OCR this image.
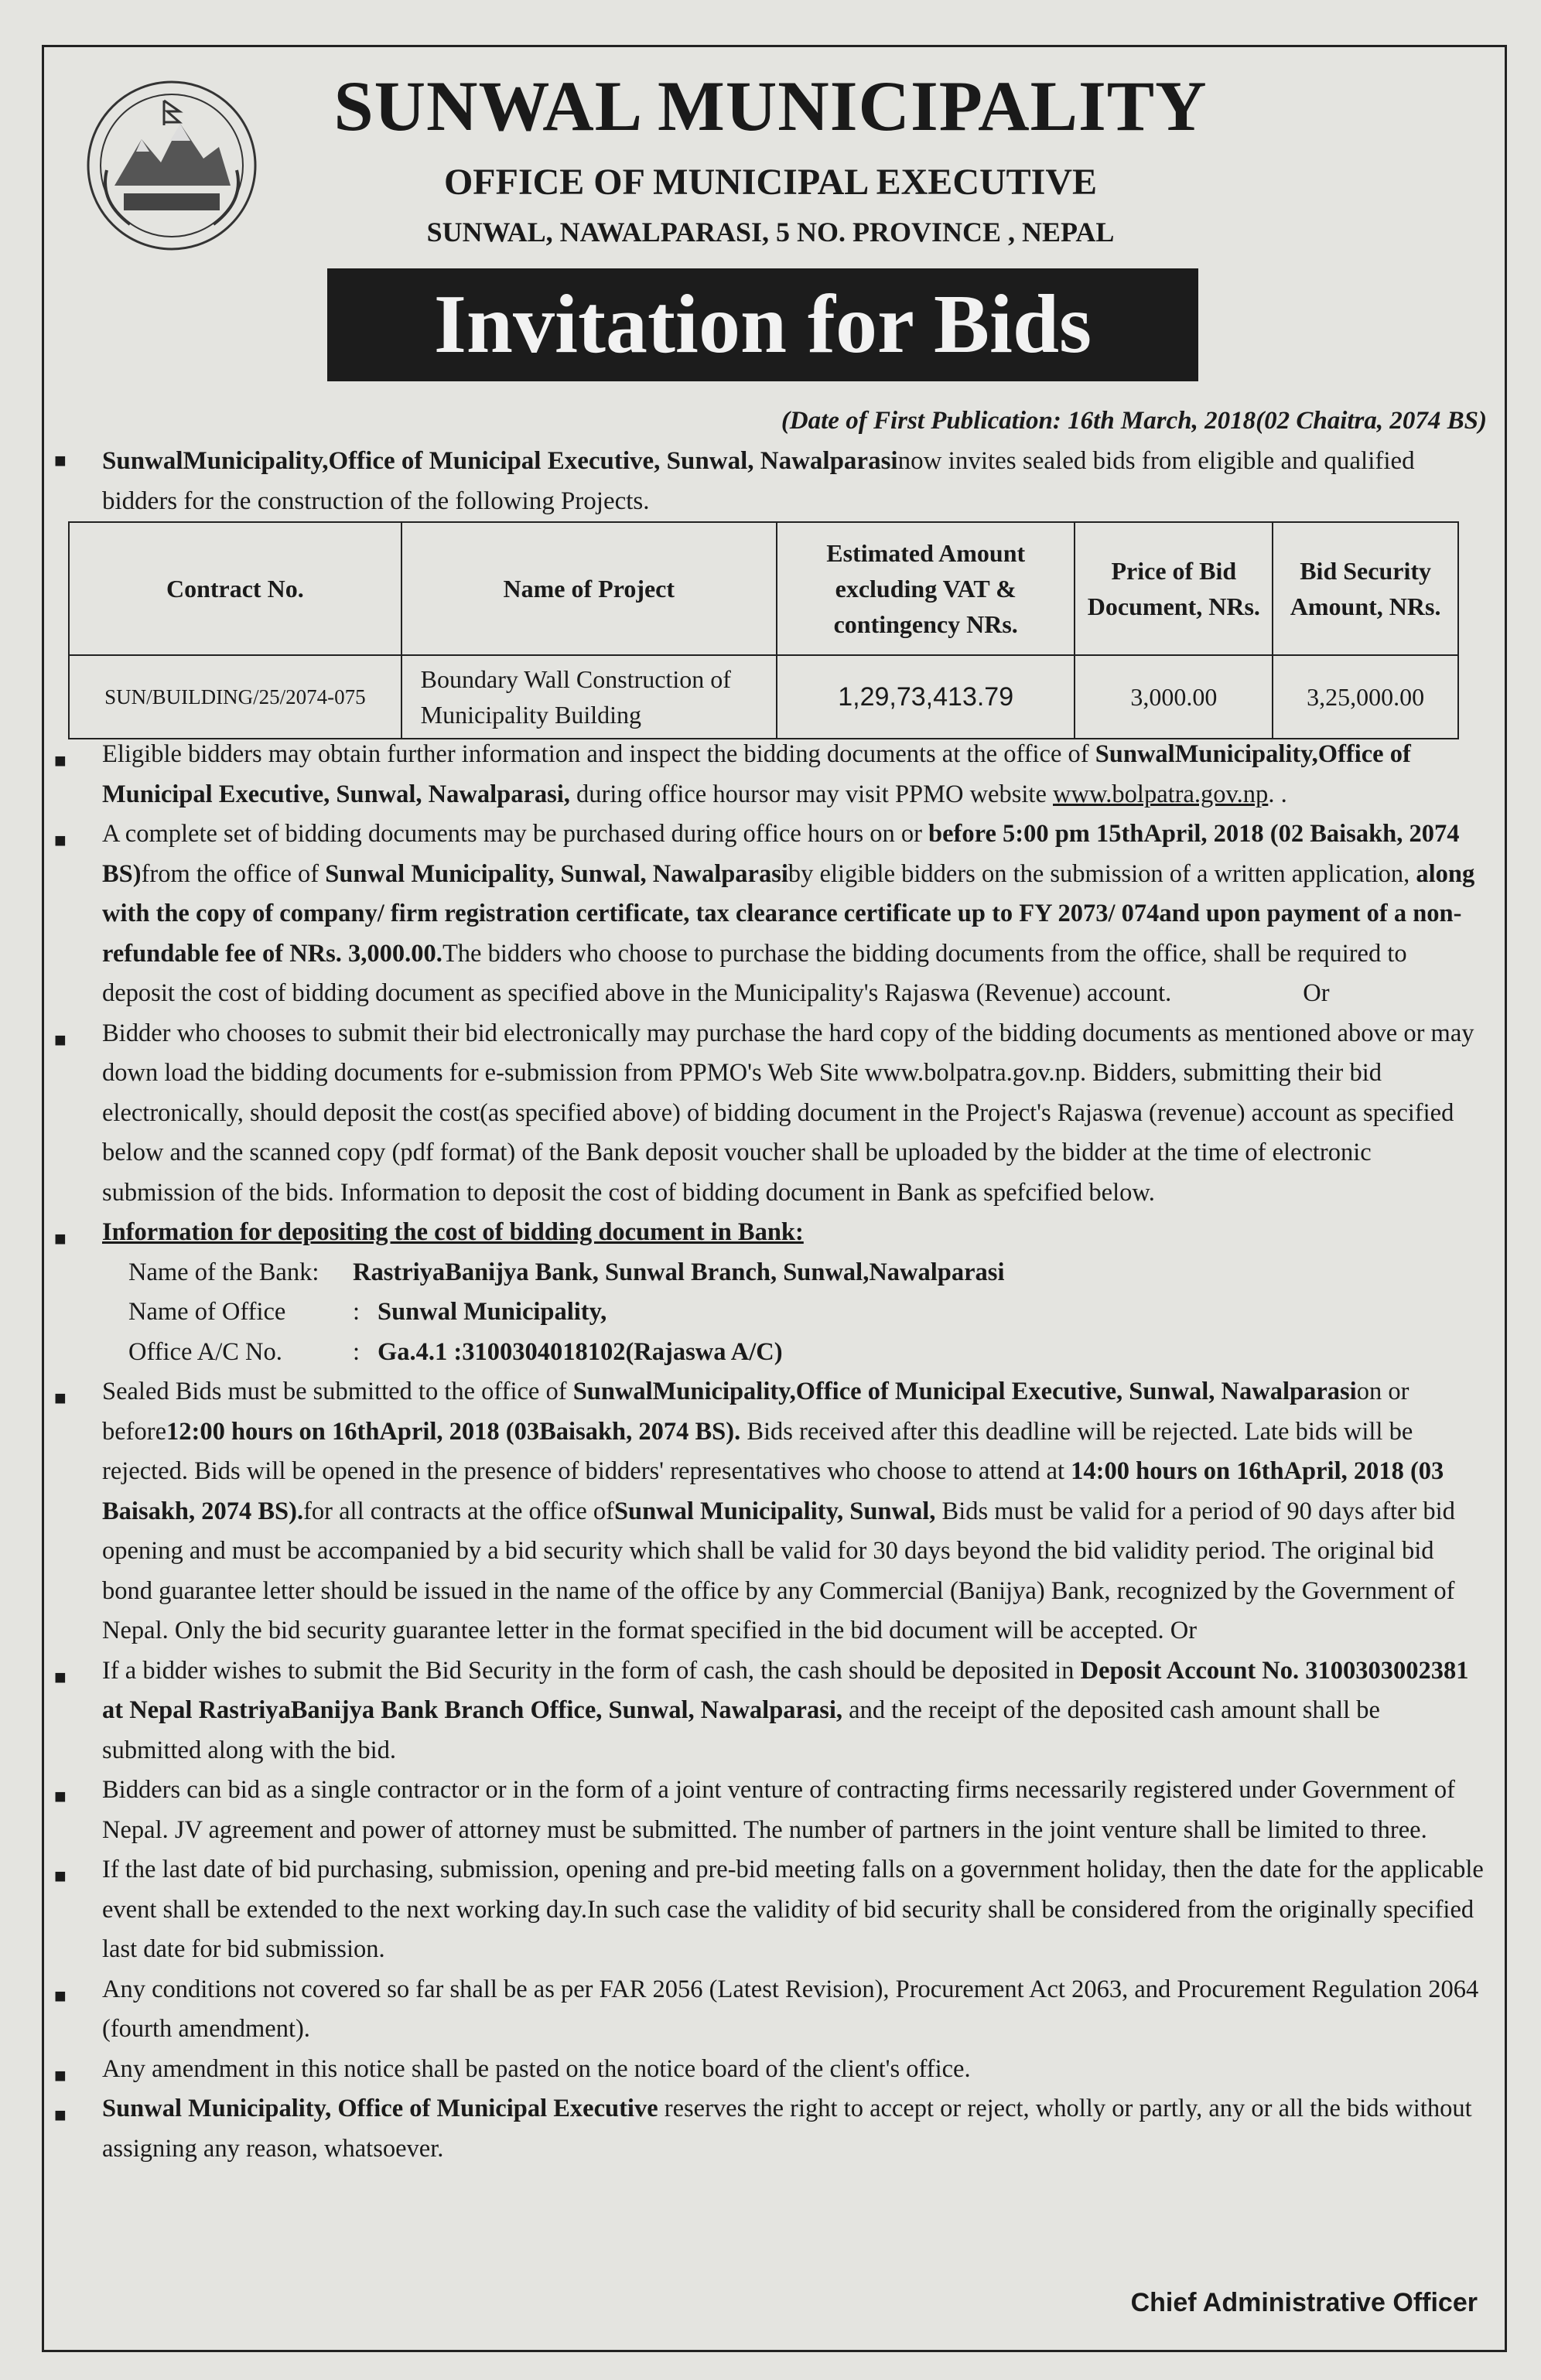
SUNWAL MUNICIPALITY
OFFICE OF MUNICIPAL EXECUTIVE
SUNWAL, NAWALPARASI, 5 NO. PROVINCE , NEPAL
Invitation for Bids
(Date of First Publication: 16th March, 2018(02 Chaitra, 2074 BS)
■ SunwalMunicipality,Office of Municipal Executive, Sunwal, Nawalparasinow invites sealed bids from eligible and qualified bidders for the construction of the following Projects.
Contract No.	Name of Project	Estimated Amount excluding VAT & contingency NRs.	Price of Bid Document, NRs.	Bid Security Amount, NRs.
SUN/BUILDING/25/2074-075	Boundary Wall Construction of Municipality Building	1,29,73,413.79	3,000.00	3,25,000.00
■ Eligible bidders may obtain further information and inspect the bidding documents at the office of SunwalMunicipality,Office of Municipal Executive, Sunwal, Nawalparasi, during office hoursor may visit PPMO website www.bolpatra.gov.np. .
■ A complete set of bidding documents may be purchased during office hours on or before 5:00 pm 15thApril, 2018 (02 Baisakh, 2074 BS)from the office of Sunwal Municipality, Sunwal, Nawalparasiby eligible bidders on the submission of a written application, along with the copy of company/ firm registration certificate, tax clearance certificate up to FY 2073/ 074and upon payment of a non-refundable fee of NRs. 3,000.00.The bidders who choose to purchase the bidding documents from the office, shall be required to deposit the cost of bidding document as specified above in the Municipality's Rajaswa (Revenue) account.	Or
■ Bidder who chooses to submit their bid electronically may purchase the hard copy of the bidding documents as mentioned above or may down load the bidding documents for e-submission from PPMO's Web Site www.bolpatra.gov.np. Bidders, submitting their bid electronically, should deposit the cost(as specified above) of bidding document in the Project's Rajaswa (revenue) account as specified below and the scanned copy (pdf format) of the Bank deposit voucher shall be uploaded by the bidder at the time of electronic submission of the bids. Information to deposit the cost of bidding document in Bank as spefcified below.
■ Information for depositing the cost of bidding document in Bank:
Name of the Bank: RastriyaBanijya Bank, Sunwal Branch, Sunwal,Nawalparasi
Name of Office	: Sunwal Municipality,
Office A/C No.	: Ga.4.1 :3100304018102(Rajaswa A/C)
■ Sealed Bids must be submitted to the office of SunwalMunicipality,Office of Municipal Executive, Sunwal, Nawalparasion or before12:00 hours on 16thApril, 2018 (03Baisakh, 2074 BS). Bids received after this deadline will be rejected. Late bids will be rejected. Bids will be opened in the presence of bidders' representatives who choose to attend at 14:00 hours on 16thApril, 2018 (03 Baisakh, 2074 BS).for all contracts at the office ofSunwal Municipality, Sunwal, Bids must be valid for a period of 90 days after bid opening and must be accompanied by a bid security which shall be valid for 30 days beyond the bid validity period. The original bid bond guarantee letter should be issued in the name of the office by any Commercial (Banijya) Bank, recognized by the Government of Nepal. Only the bid security guarantee letter in the format specified in the bid document will be accepted. Or
■ If a bidder wishes to submit the Bid Security in the form of cash, the cash should be deposited in Deposit Account No. 3100303002381 at Nepal RastriyaBanijya Bank Branch Office, Sunwal, Nawalparasi, and the receipt of the deposited cash amount shall be submitted along with the bid.
■ Bidders can bid as a single contractor or in the form of a joint venture of contracting firms necessarily registered under Government of Nepal. JV agreement and power of attorney must be submitted. The number of partners in the joint venture shall be limited to three.
■ If the last date of bid purchasing, submission, opening and pre-bid meeting falls on a government holiday, then the date for the applicable event shall be extended to the next working day.In such case the validity of bid security shall be considered from the originally specified last date for bid submission.
■ Any conditions not covered so far shall be as per FAR 2056 (Latest Revision), Procurement Act 2063, and Procurement Regulation 2064 (fourth amendment).
■ Any amendment in this notice shall be pasted on the notice board of the client's office.
■ Sunwal Municipality, Office of Municipal Executive reserves the right to accept or reject, wholly or partly, any or all the bids without assigning any reason, whatsoever.
Chief Administrative Officer
